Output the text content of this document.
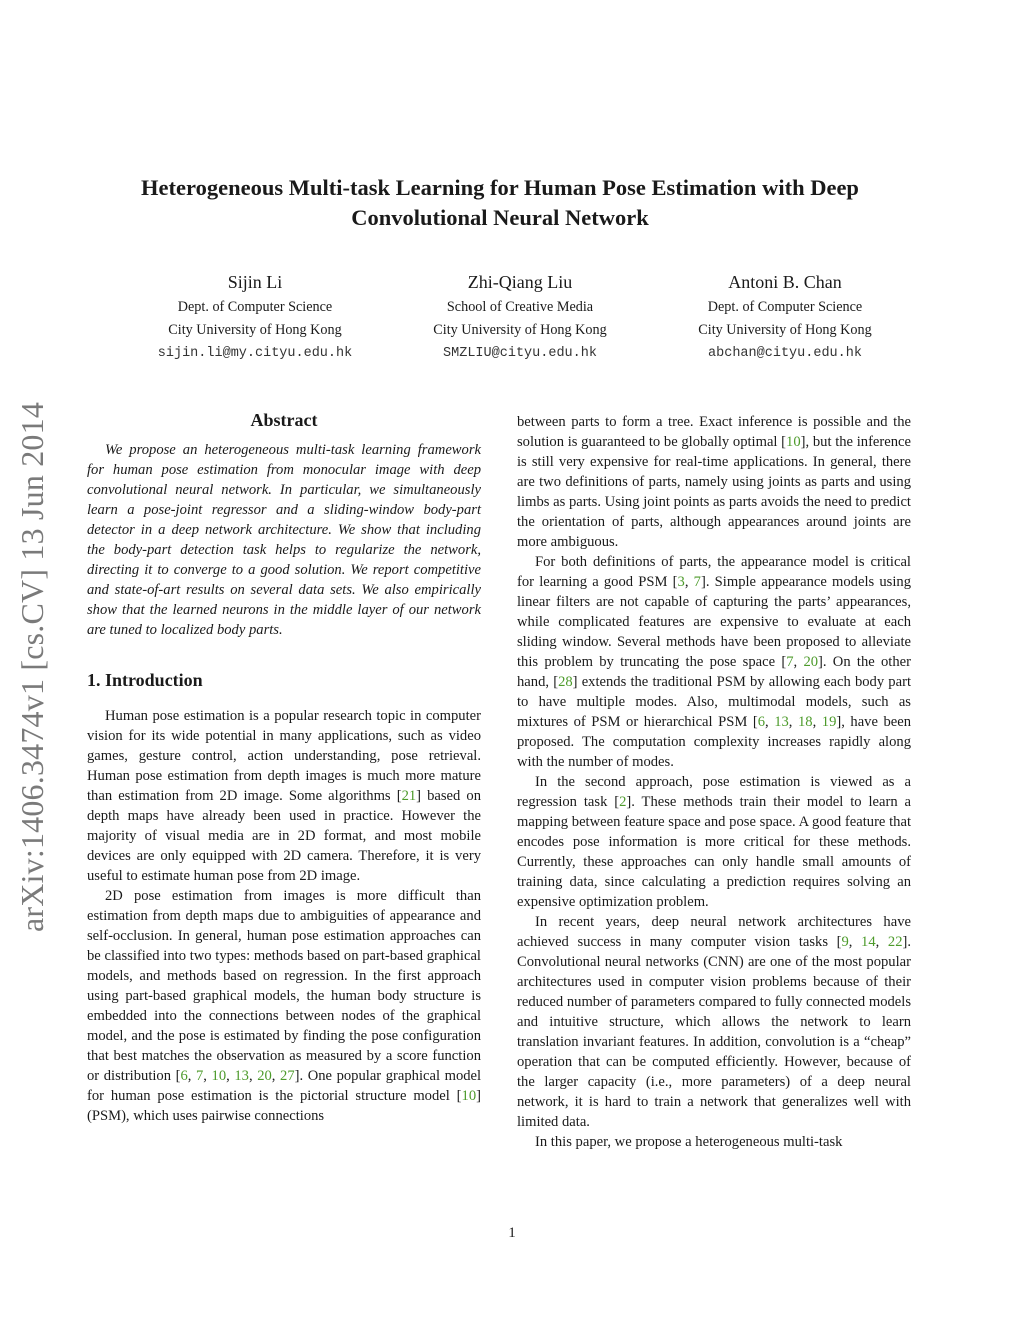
arXiv:1406.3474v1 [cs.CV] 13 Jun 2014
Heterogeneous Multi-task Learning for Human Pose Estimation with Deep
Convolutional Neural Network
Sijin Li
Dept. of Computer Science
City University of Hong Kong
sijin.li@my.cityu.edu.hk
Zhi-Qiang Liu
School of Creative Media
City University of Hong Kong
SMZLIU@cityu.edu.hk
Antoni B. Chan
Dept. of Computer Science
City University of Hong Kong
abchan@cityu.edu.hk
Abstract

We propose an heterogeneous multi-task learning framework for human pose estimation from monocular image with deep convolutional neural network. In particular, we simultaneously learn a pose-joint regressor and a sliding-window body-part detector in a deep network architecture. We show that including the body-part detection task helps to regularize the network, directing it to converge to a good solution. We report competitive and state-of-art results on several data sets. We also empirically show that the learned neurons in the middle layer of our network are tuned to localized body parts.

1. Introduction

Human pose estimation is a popular research topic in computer vision for its wide potential in many applications, such as video games, gesture control, action understanding, pose retrieval. Human pose estimation from depth images is much more mature than estimation from 2D image. Some algorithms [21] based on depth maps have already been used in practice. However the majority of visual media are in 2D format, and most mobile devices are only equipped with 2D camera. Therefore, it is very useful to estimate human pose from 2D image.

2D pose estimation from images is more difficult than estimation from depth maps due to ambiguities of appearance and self-occlusion. In general, human pose estimation approaches can be classified into two types: methods based on part-based graphical models, and methods based on regression. In the first approach using part-based graphical models, the human body structure is embedded into the connections between nodes of the graphical model, and the pose is estimated by finding the pose configuration that best matches the observation as measured by a score function or distribution [6, 7, 10, 13, 20, 27]. One popular graphical model for human pose estimation is the pictorial structure model [10] (PSM), which uses pairwise connections

between parts to form a tree. Exact inference is possible and the solution is guaranteed to be globally optimal [10], but the inference is still very expensive for real-time applications. In general, there are two definitions of parts, namely using joints as parts and using limbs as parts. Using joint points as parts avoids the need to predict the orientation of parts, although appearances around joints are more ambiguous.

For both definitions of parts, the appearance model is critical for learning a good PSM [3, 7]. Simple appearance models using linear filters are not capable of capturing the parts’ appearances, while complicated features are expensive to evaluate at each sliding window. Several methods have been proposed to alleviate this problem by truncating the pose space [7, 20]. On the other hand, [28] extends the traditional PSM by allowing each body part to have multiple modes. Also, multimodal models, such as mixtures of PSM or hierarchical PSM [6, 13, 18, 19], have been proposed. The computation complexity increases rapidly along with the number of modes.

In the second approach, pose estimation is viewed as a regression task [2]. These methods train their model to learn a mapping between feature space and pose space. A good feature that encodes pose information is more critical for these methods. Currently, these approaches can only handle small amounts of training data, since calculating a prediction requires solving an expensive optimization problem.

In recent years, deep neural network architectures have achieved success in many computer vision tasks [9, 14, 22]. Convolutional neural networks (CNN) are one of the most popular architectures used in computer vision problems because of their reduced number of parameters compared to fully connected models and intuitive structure, which allows the network to learn translation invariant features. In addition, convolution is a “cheap” operation that can be computed efficiently. However, because of the larger capacity (i.e., more parameters) of a deep neural network, it is hard to train a network that generalizes well with limited data.

In this paper, we propose a heterogeneous multi-task

1
